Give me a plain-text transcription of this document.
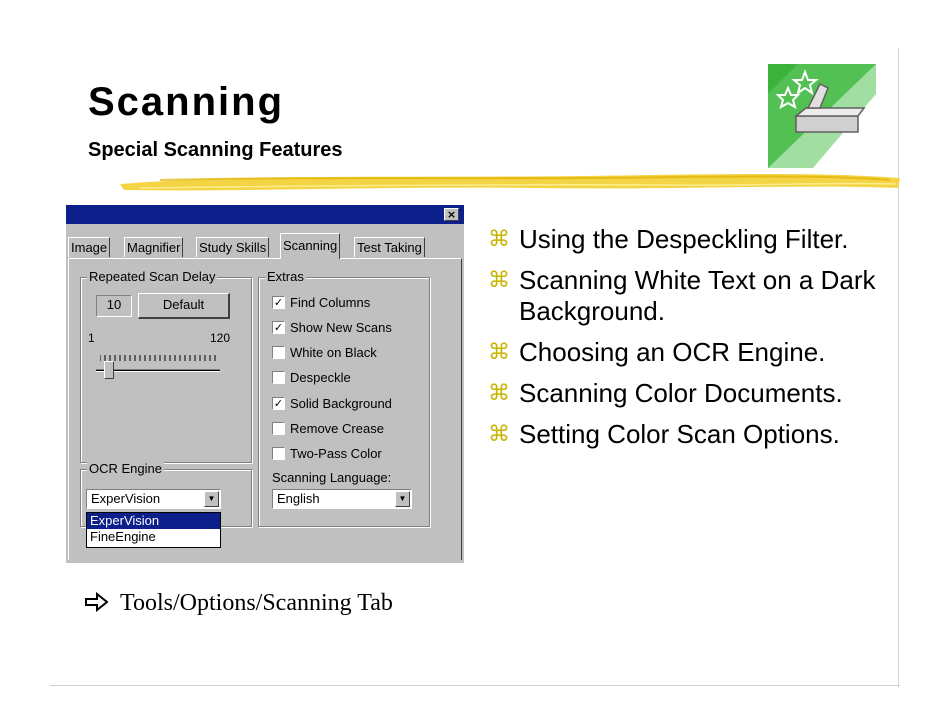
Scanning
Special Scanning Features
×
Image Magnifier Study Skills Scanning Test Taking
Repeated Scan Delay
10	Default
1	120
Extras
✓ Find Columns
✓ Show New Scans
White on Black
Despeckle
✓ Solid Background
Remove Crease
Two-Pass Color
Scanning Language:
English	▼
OCR Engine
ExperVision	▼
ExperVision
FineEngine
⌘ Using the Despeckling Filter.
⌘ Scanning White Text on a Dark Background.
⌘ Choosing an OCR Engine.
⌘ Scanning Color Documents.
⌘ Setting Color Scan Options.
Tools/Options/Scanning Tab
